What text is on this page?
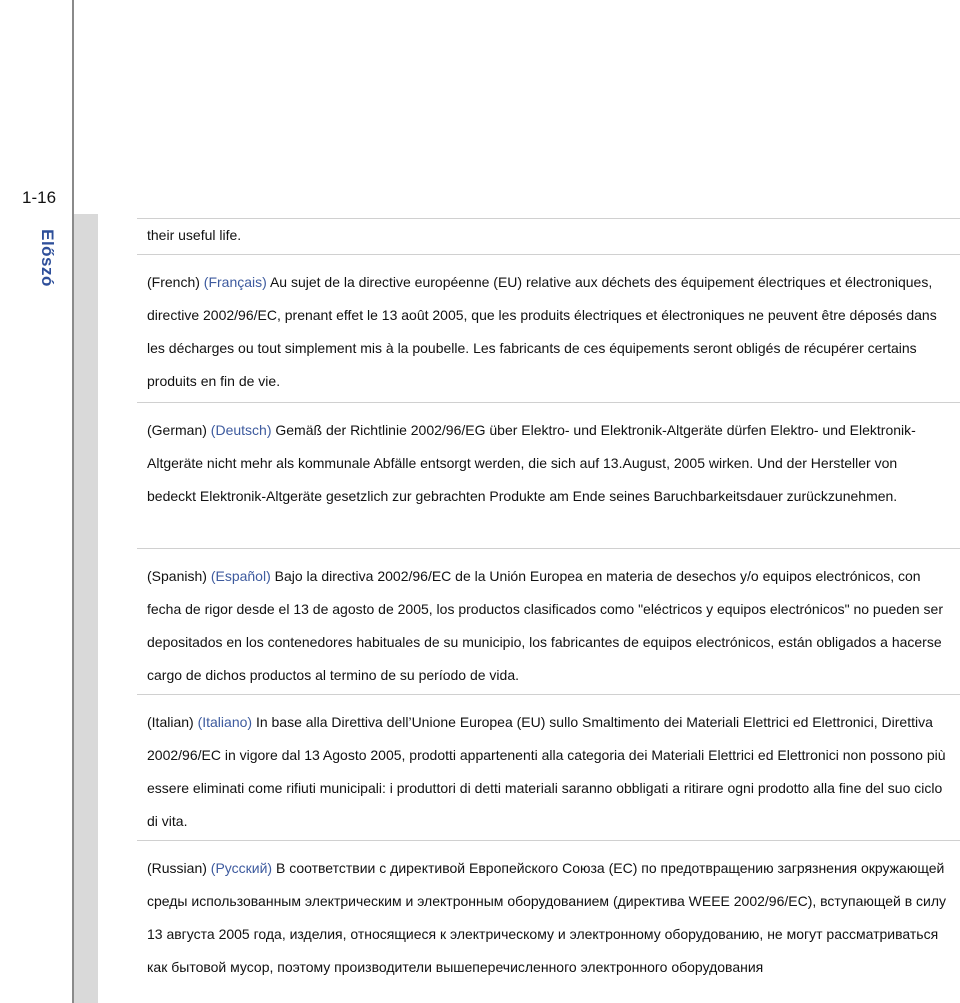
1-16
Előszó	their useful life.

(French) (Français) Au sujet de la directive européenne (EU) relative aux déchets des équipement électriques et électroniques, directive 2002/96/EC, prenant effet le 13 août 2005, que les produits électriques et électroniques ne peuvent être déposés dans les décharges ou tout simplement mis à la poubelle. Les fabricants de ces équipements seront obligés de récupérer certains produits en fin de vie.

(German) (Deutsch) Gemäß der Richtlinie 2002/96/EG über Elektro- und Elektronik-Altgeräte dürfen Elektro- und Elektronik-Altgeräte nicht mehr als kommunale Abfälle entsorgt werden, die sich auf 13.August, 2005 wirken. Und der Hersteller von bedeckt Elektronik-Altgeräte gesetzlich zur gebrachten Produkte am Ende seines Baruchbarkeitsdauer zurückzunehmen.

(Spanish) (Español) Bajo la directiva 2002/96/EC de la Unión Europea en materia de desechos y/o equipos electrónicos, con fecha de rigor desde el 13 de agosto de 2005, los productos clasificados como "eléctricos y equipos electrónicos" no pueden ser depositados en los contenedores habituales de su municipio, los fabricantes de equipos electrónicos, están obligados a hacerse cargo de dichos productos al termino de su período de vida.

(Italian) (Italiano) In base alla Direttiva dell’Unione Europea (EU) sullo Smaltimento dei Materiali Elettrici ed Elettronici, Direttiva 2002/96/EC in vigore dal 13 Agosto 2005, prodotti appartenenti alla categoria dei Materiali Elettrici ed Elettronici non possono più essere eliminati come rifiuti municipali: i produttori di detti materiali saranno obbligati a ritirare ogni prodotto alla fine del suo ciclo di vita.

(Russian) (Русский) В соответствии с директивой Европейского Союза (ЕС) по предотвращению загрязнения окружающей среды использованным электрическим и электронным оборудованием (директива WEEE 2002/96/EC), вступающей в силу 13 августа 2005 года, изделия, относящиеся к электрическому и электронному оборудованию, не могут рассматриваться как бытовой мусор, поэтому производители вышеперечисленного электронного оборудования
